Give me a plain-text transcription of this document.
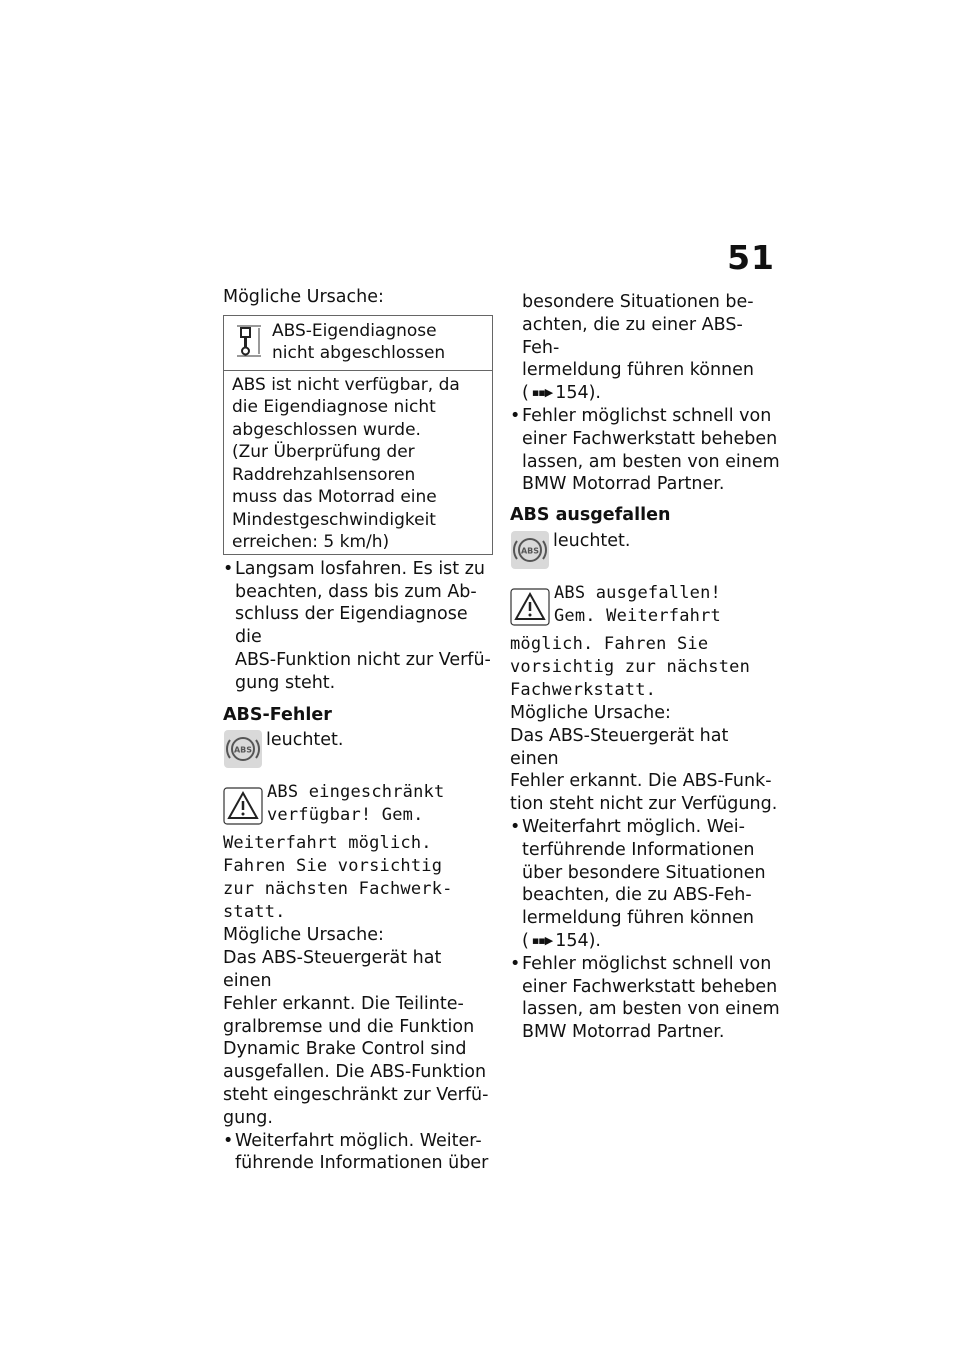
51
Mögliche Ursache:
ABS-Eigendiagnose
nicht abgeschlossen
ABS ist nicht verfügbar, da
die Eigendiagnose nicht
abgeschlossen wurde.
(Zur Überprüfung der
Raddrehzahlsensoren
muss das Motorrad eine
Mindestgeschwindigkeit
erreichen: 5 km/h)
• Langsam losfahren. Es ist zu
beachten, dass bis zum Ab-
schluss der Eigendiagnose die
ABS-Funktion nicht zur Verfü-
gung steht.
ABS-Fehler
ABS leuchtet.
ABS eingeschränkt
verfügbar! Gem.
Weiterfahrt möglich.
Fahren Sie vorsichtig
zur nächsten Fachwerk-
statt.
Mögliche Ursache:
Das ABS-Steuergerät hat einen
Fehler erkannt. Die Teilinte-
gralbremse und die Funktion
Dynamic Brake Control sind
ausgefallen. Die ABS-Funktion
steht eingeschränkt zur Verfü-
gung.
• Weiterfahrt möglich. Weiter-
führende Informationen über
besondere Situationen be-
achten, die zu einer ABS-Feh-
lermeldung führen können
( ▪▪▶ 154).
• Fehler möglichst schnell von
einer Fachwerkstatt beheben
lassen, am besten von einem
BMW Motorrad Partner.
ABS ausgefallen
ABS leuchtet.
ABS ausgefallen!
Gem. Weiterfahrt
möglich. Fahren Sie
vorsichtig zur nächsten
Fachwerkstatt.
Mögliche Ursache:
Das ABS-Steuergerät hat einen
Fehler erkannt. Die ABS-Funk-
tion steht nicht zur Verfügung.
• Weiterfahrt möglich. Wei-
terführende Informationen
über besondere Situationen
beachten, die zu ABS-Feh-
lermeldung führen können
( ▪▪▶ 154).
• Fehler möglichst schnell von
einer Fachwerkstatt beheben
lassen, am besten von einem
BMW Motorrad Partner.
